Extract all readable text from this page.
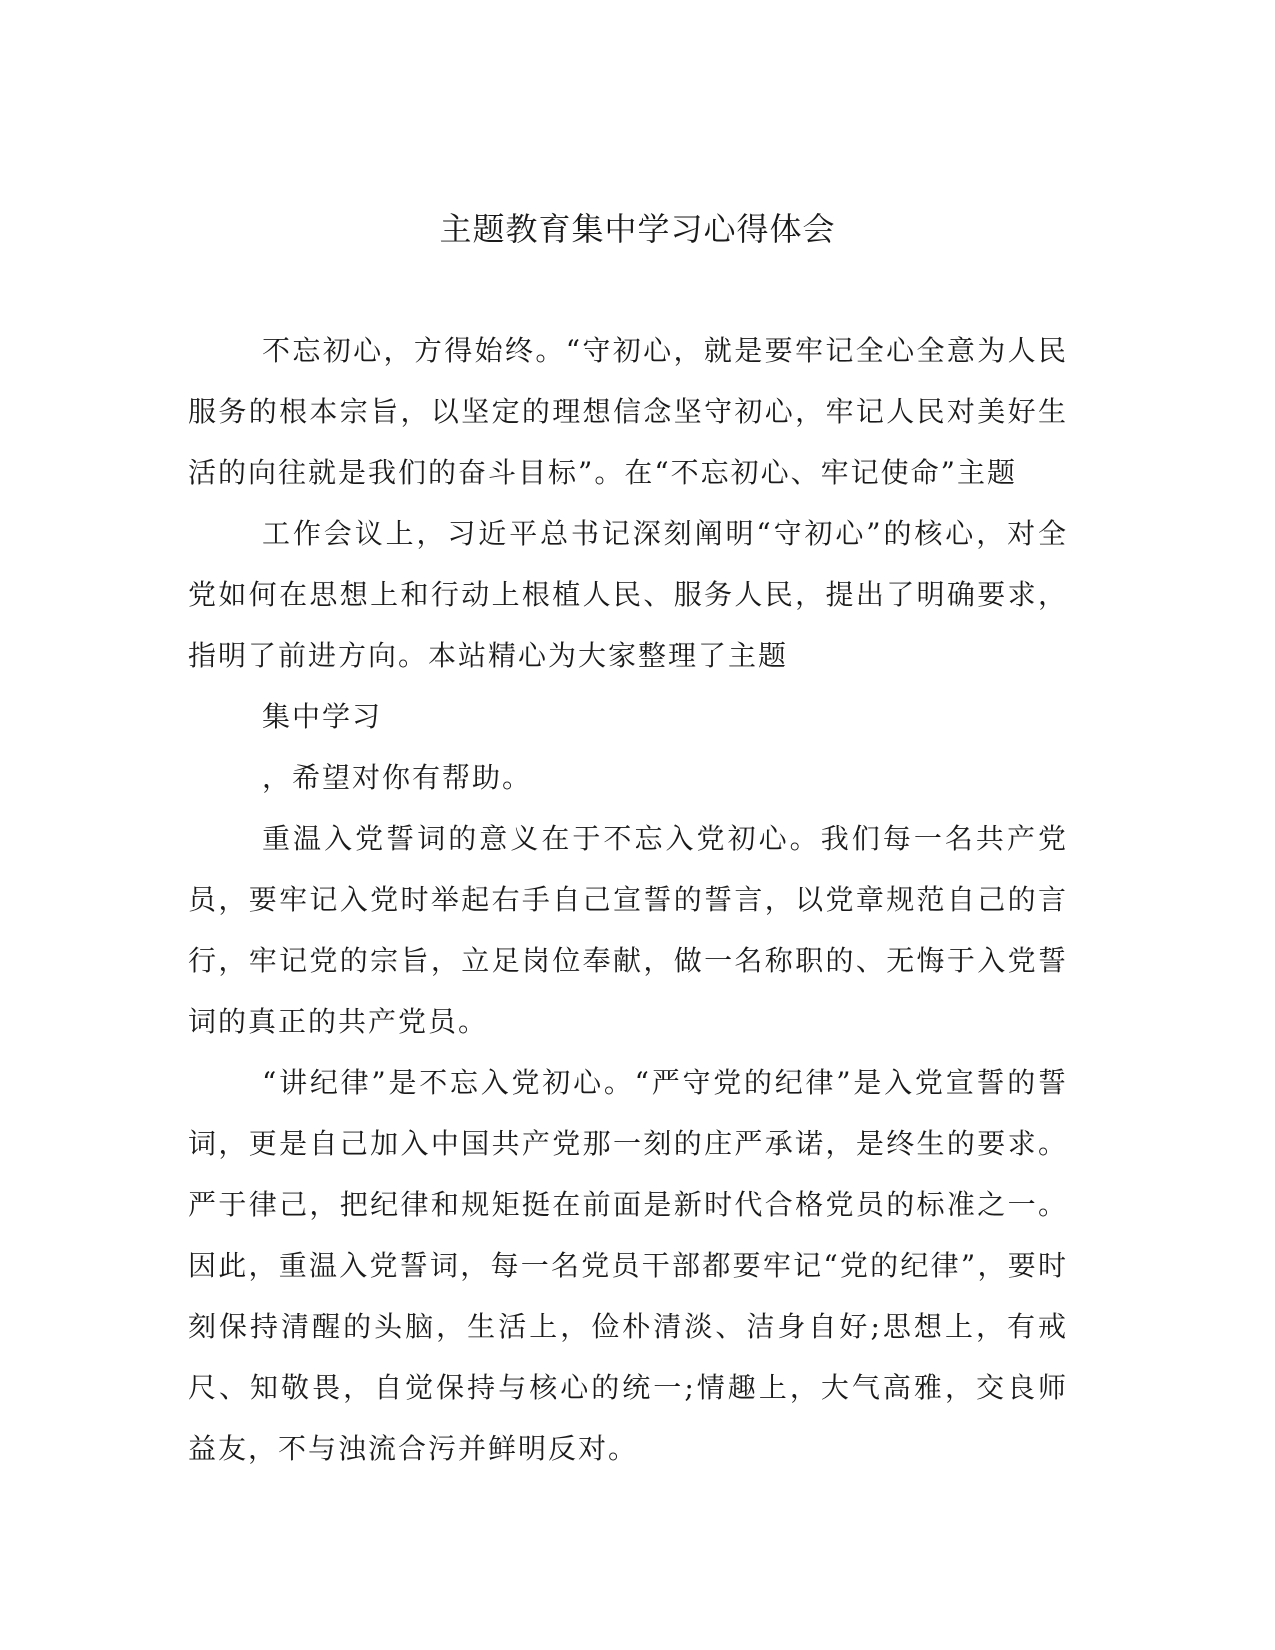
主题教育集中学习心得体会

不忘初心，方得始终。“守初心，就是要牢记全心全意为人民服务的根本宗旨，以坚定的理想信念坚守初心，牢记人民对美好生活的向往就是我们的奋斗目标”。在“不忘初心、牢记使命”主题

工作会议上，习近平总书记深刻阐明“守初心”的核心，对全党如何在思想上和行动上根植人民、服务人民，提出了明确要求，指明了前进方向。本站精心为大家整理了主题

集中学习

，希望对你有帮助。

重温入党誓词的意义在于不忘入党初心。我们每一名共产党员，要牢记入党时举起右手自己宣誓的誓言，以党章规范自己的言行，牢记党的宗旨，立足岗位奉献，做一名称职的、无悔于入党誓词的真正的共产党员。

“讲纪律”是不忘入党初心。“严守党的纪律”是入党宣誓的誓词，更是自己加入中国共产党那一刻的庄严承诺，是终生的要求。严于律己，把纪律和规矩挺在前面是新时代合格党员的标准之一。因此，重温入党誓词，每一名党员干部都要牢记“党的纪律”，要时刻保持清醒的头脑，生活上，俭朴清淡、洁身自好;思想上，有戒尺、知敬畏，自觉保持与核心的统一;情趣上，大气高雅，交良师益友，不与浊流合污并鲜明反对。
